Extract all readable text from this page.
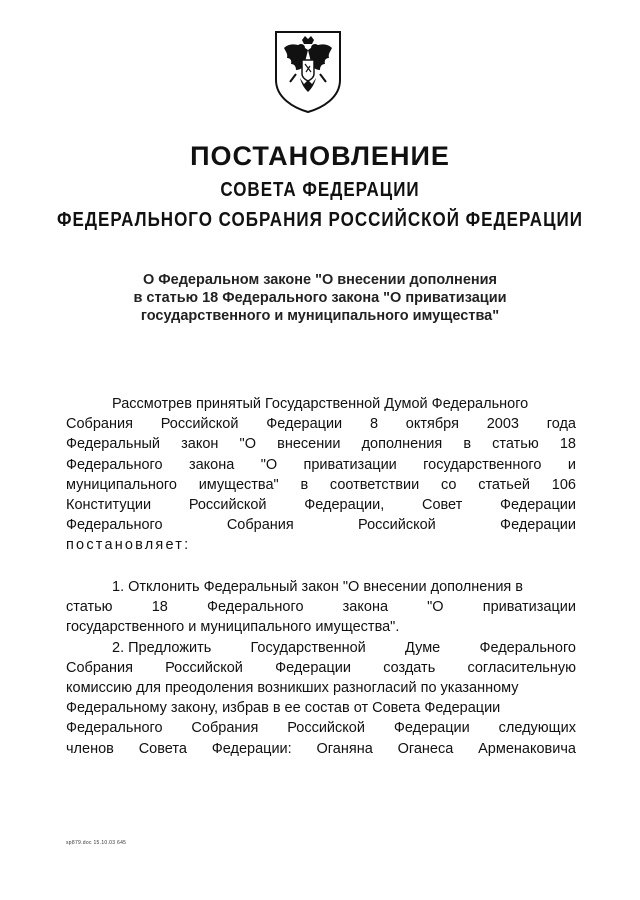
ПОСТАНОВЛЕНИЕ
СОВЕТА ФЕДЕРАЦИИ
ФЕДЕРАЛЬНОГО СОБРАНИЯ РОССИЙСКОЙ ФЕДЕРАЦИИ
О Федеральном законе "О внесении дополнения
в статью 18 Федерального закона "О приватизации
государственного и муниципального имущества"
Рассмотрев принятый Государственной Думой Федерального
Собрания Российской Федерации 8 октября 2003 года
Федеральный закон "О внесении дополнения в статью 18
Федерального закона "О приватизации государственного и
муниципального имущества" в соответствии со статьей 106
Конституции	Российской	Федерации,	Совет	Федерации
Федерального	Собрания	Российской	Федерации
постановляет:
1. Отклонить Федеральный закон "О внесении дополнения в
статью	18	Федерального	закона	"О	приватизации
государственного и муниципального имущества".
2. Предложить	Государственной	Думе	Федерального
Собрания Российской Федерации создать согласительную
комиссию для преодоления возникших разногласий по указанному
Федеральному закону, избрав в ее состав от Совета Федерации
Федерального Собрания Российской Федерации следующих
членов Совета Федерации: Оганяна Оганеса Арменаковича
sp879.doc 15.10.03 645
